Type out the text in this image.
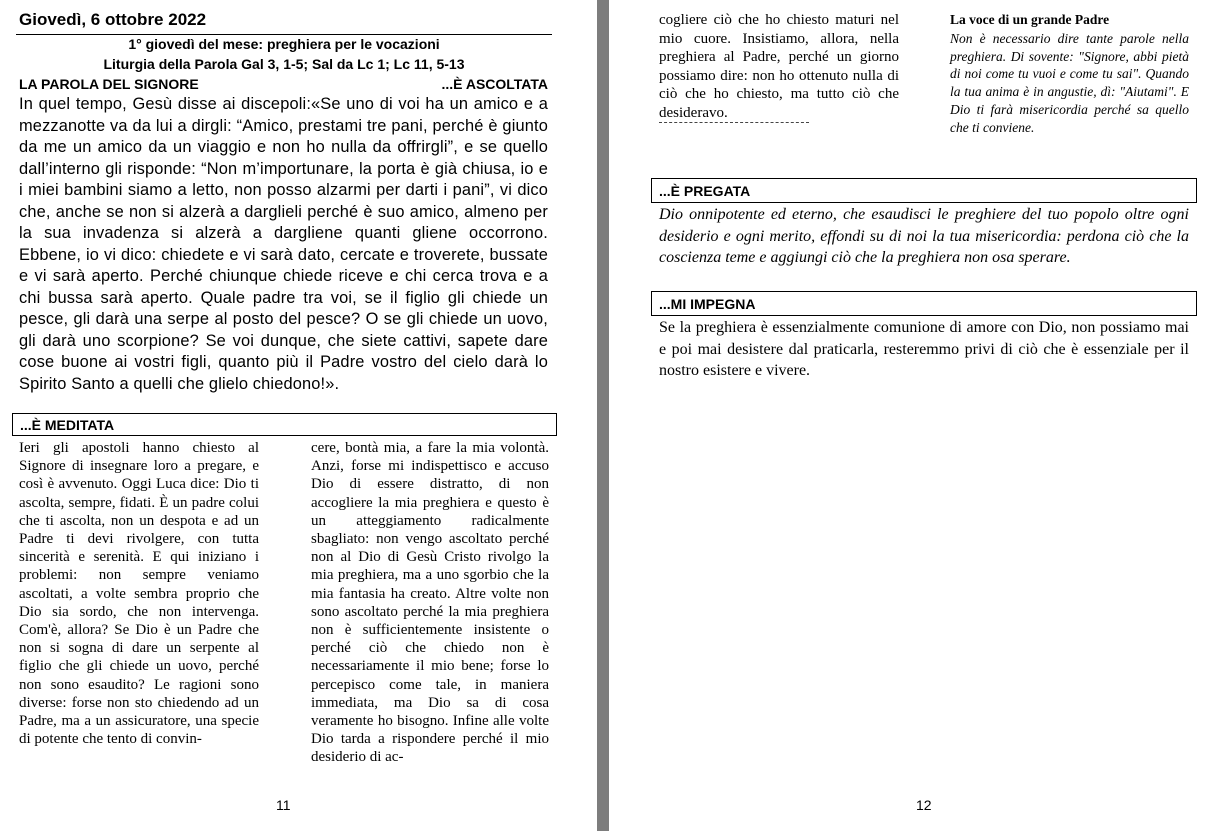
Giovedì, 6 ottobre 2022
1° giovedì del mese: preghiera per le vocazioni
Liturgia della Parola Gal 3, 1-5; Sal da Lc 1; Lc 11, 5-13
LA PAROLA DEL SIGNORE	...È ASCOLTATA
In quel tempo, Gesù disse ai discepoli:«Se uno di voi ha un amico e a mezzanotte va da lui a dirgli: “Amico, prestami tre pani, perché è giunto da me un amico da un viaggio e non ho nulla da offrirgli”, e se quello dall’interno gli risponde: “Non m’importunare, la porta è già chiusa, io e i miei bambini siamo a letto, non posso alzarmi per darti i pani”, vi dico che, anche se non si alzerà a darglieli perché è suo amico, almeno per la sua invadenza si alzerà a dargliene quanti gliene occorrono. Ebbene, io vi dico: chiedete e vi sarà dato, cercate e troverete, bussate e vi sarà aperto. Perché chiunque chiede riceve e chi cerca trova e a chi bussa sarà aperto. Quale padre tra voi, se il figlio gli chiede un pesce, gli darà una serpe al posto del pesce? O se gli chiede un uovo, gli darà uno scorpione? Se voi dunque, che siete cattivi, sapete dare cose buone ai vostri figli, quanto più il Padre vostro del cielo darà lo Spirito Santo a quelli che glielo chiedono!».
...È MEDITATA
Ieri gli apostoli hanno chiesto al Signore di insegnare loro a pregare, e così è avvenuto. Oggi Luca dice: Dio ti ascolta, sempre, fidati. È un padre colui che ti ascolta, non un despota e ad un Padre ti devi rivolgere, con tutta sincerità e serenità. E qui iniziano i problemi: non sempre veniamo ascoltati, a volte sembra proprio che Dio sia sordo, che non intervenga. Com'è, allora? Se Dio è un Padre che non si sogna di dare un serpente al figlio che gli chiede un uovo, perché non sono esaudito? Le ragioni sono diverse: forse non sto chiedendo ad un Padre, ma a un assicuratore, una specie di potente che tento di convin-
cere, bontà mia, a fare la mia volontà. Anzi, forse mi indispettisco e accuso Dio di essere distratto, di non accogliere la mia preghiera e questo è un atteggiamento radicalmente sbagliato: non vengo ascoltato perché non al Dio di Gesù Cristo rivolgo la mia preghiera, ma a uno sgorbio che la mia fantasia ha creato. Altre volte non sono ascoltato perché la mia preghiera non è sufficientemente insistente o perché ciò che chiedo non è necessariamente il mio bene; forse lo percepisco come tale, in maniera immediata, ma Dio sa di cosa veramente ho bisogno. Infine alle volte Dio tarda a rispondere perché il mio desiderio di ac-
11
cogliere ciò che ho chiesto maturi nel mio cuore. Insistiamo, allora, nella preghiera al Padre, perché un giorno possiamo dire: non ho ottenuto nulla di ciò che ho chiesto, ma tutto ciò che desideravo.
La voce di un grande Padre
Non è necessario dire tante parole nella preghiera. Di sovente: "Signore, abbi pietà di noi come tu vuoi e come tu sai". Quando la tua anima è in angustie, dì: "Aiutami". E Dio ti farà misericordia perché sa quello che ti conviene.
...È PREGATA
Dio onnipotente ed eterno, che esaudisci le preghiere del tuo popolo oltre ogni desiderio e ogni merito, effondi su di noi la tua misericordia: perdona ciò che la coscienza teme e aggiungi ciò che la preghiera non osa sperare.
...MI IMPEGNA
Se la preghiera è essenzialmente comunione di amore con Dio, non possiamo mai e poi mai desistere dal praticarla, resteremmo privi di ciò che è essenziale per il nostro esistere e vivere.
12
